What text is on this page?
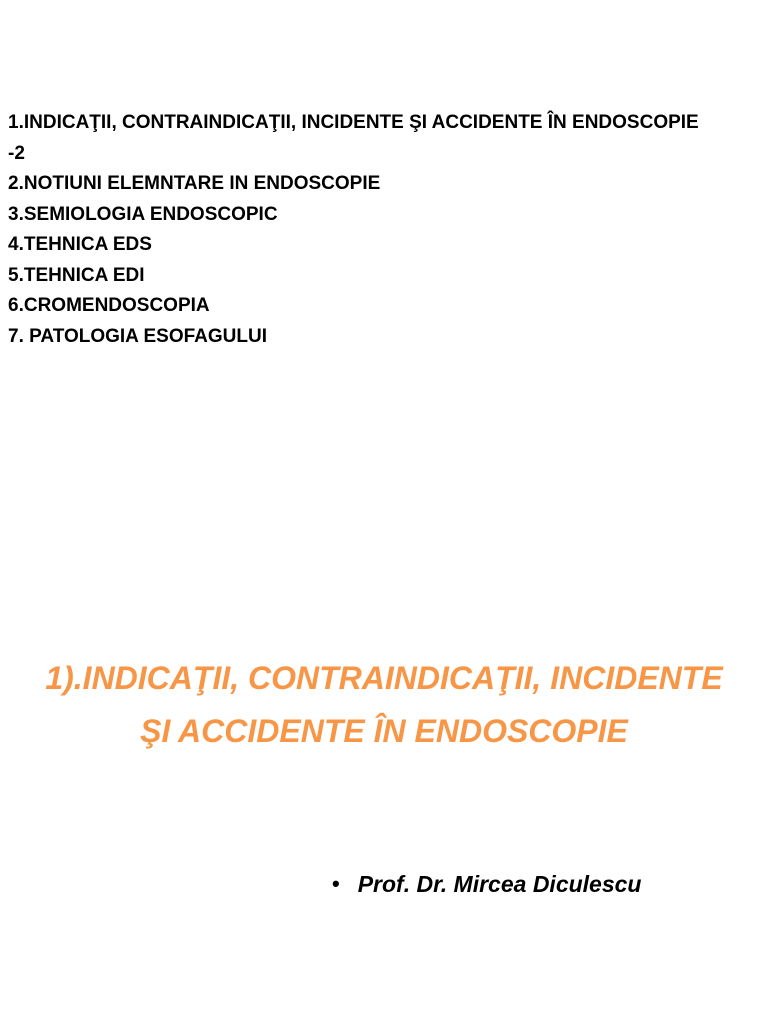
1.INDICAŢII, CONTRAINDICAŢII, INCIDENTE ŞI ACCIDENTE ÎN ENDOSCOPIE -2
2.NOTIUNI ELEMNTARE IN ENDOSCOPIE
3.SEMIOLOGIA ENDOSCOPIC
4.TEHNICA EDS
5.TEHNICA EDI
6.CROMENDOSCOPIA
7. PATOLOGIA ESOFAGULUI
1).INDICAŢII, CONTRAINDICAŢII, INCIDENTE ŞI ACCIDENTE ÎN ENDOSCOPIE
• Prof. Dr. Mircea Diculescu
